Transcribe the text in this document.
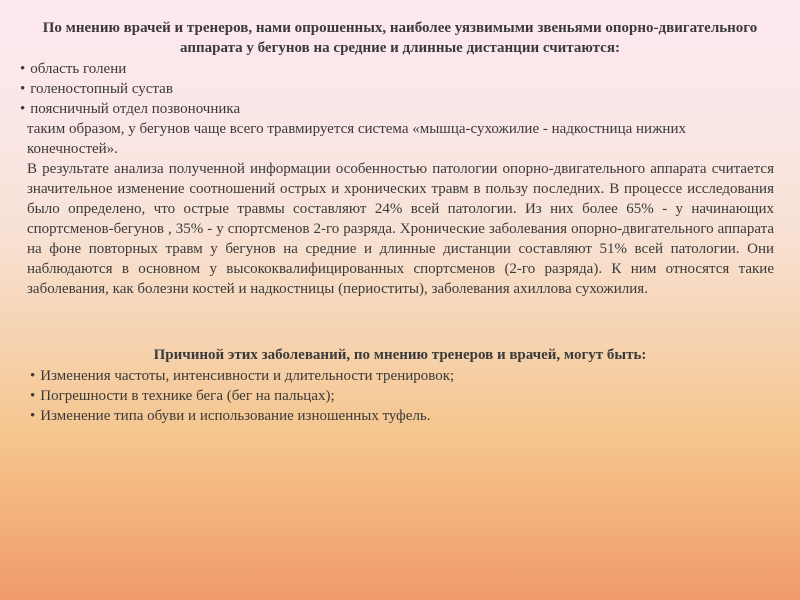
По мнению врачей и тренеров, нами опрошенных, наиболее уязвимыми звеньями опорно-двигательного аппарата у бегунов на средние и длинные дистанции считаются:
• область голени
• голеностопный сустав
• поясничный отдел позвоночника

таким образом, у бегунов чаще всего травмируется система «мышца-сухожилие - надкостница нижних конечностей».

В результате анализа полученной информации особенностью патологии опорно-двигательного аппарата считается значительное изменение соотношений острых и хронических травм в пользу последних. В процессе исследования было определено, что острые травмы составляют 24% всей патологии. Из них более 65% - у начинающих спортсменов-бегунов , 35% - у спортсменов 2-го разряда. Хронические заболевания опорно-двигательного аппарата на фоне повторных травм у бегунов на средние и длинные дистанции составляют 51% всей патологии. Они наблюдаются в основном у высококвалифицированных спортсменов (2-го разряда). К ним относятся такие заболевания, как болезни костей и надкостницы (периоститы), заболевания ахиллова сухожилия.

Причиной этих заболеваний, по мнению тренеров и врачей, могут быть:
• Изменения частоты, интенсивности и длительности тренировок;
• Погрешности в технике бега (бег на пальцах);
• Изменение типа обуви и использование изношенных туфель.
